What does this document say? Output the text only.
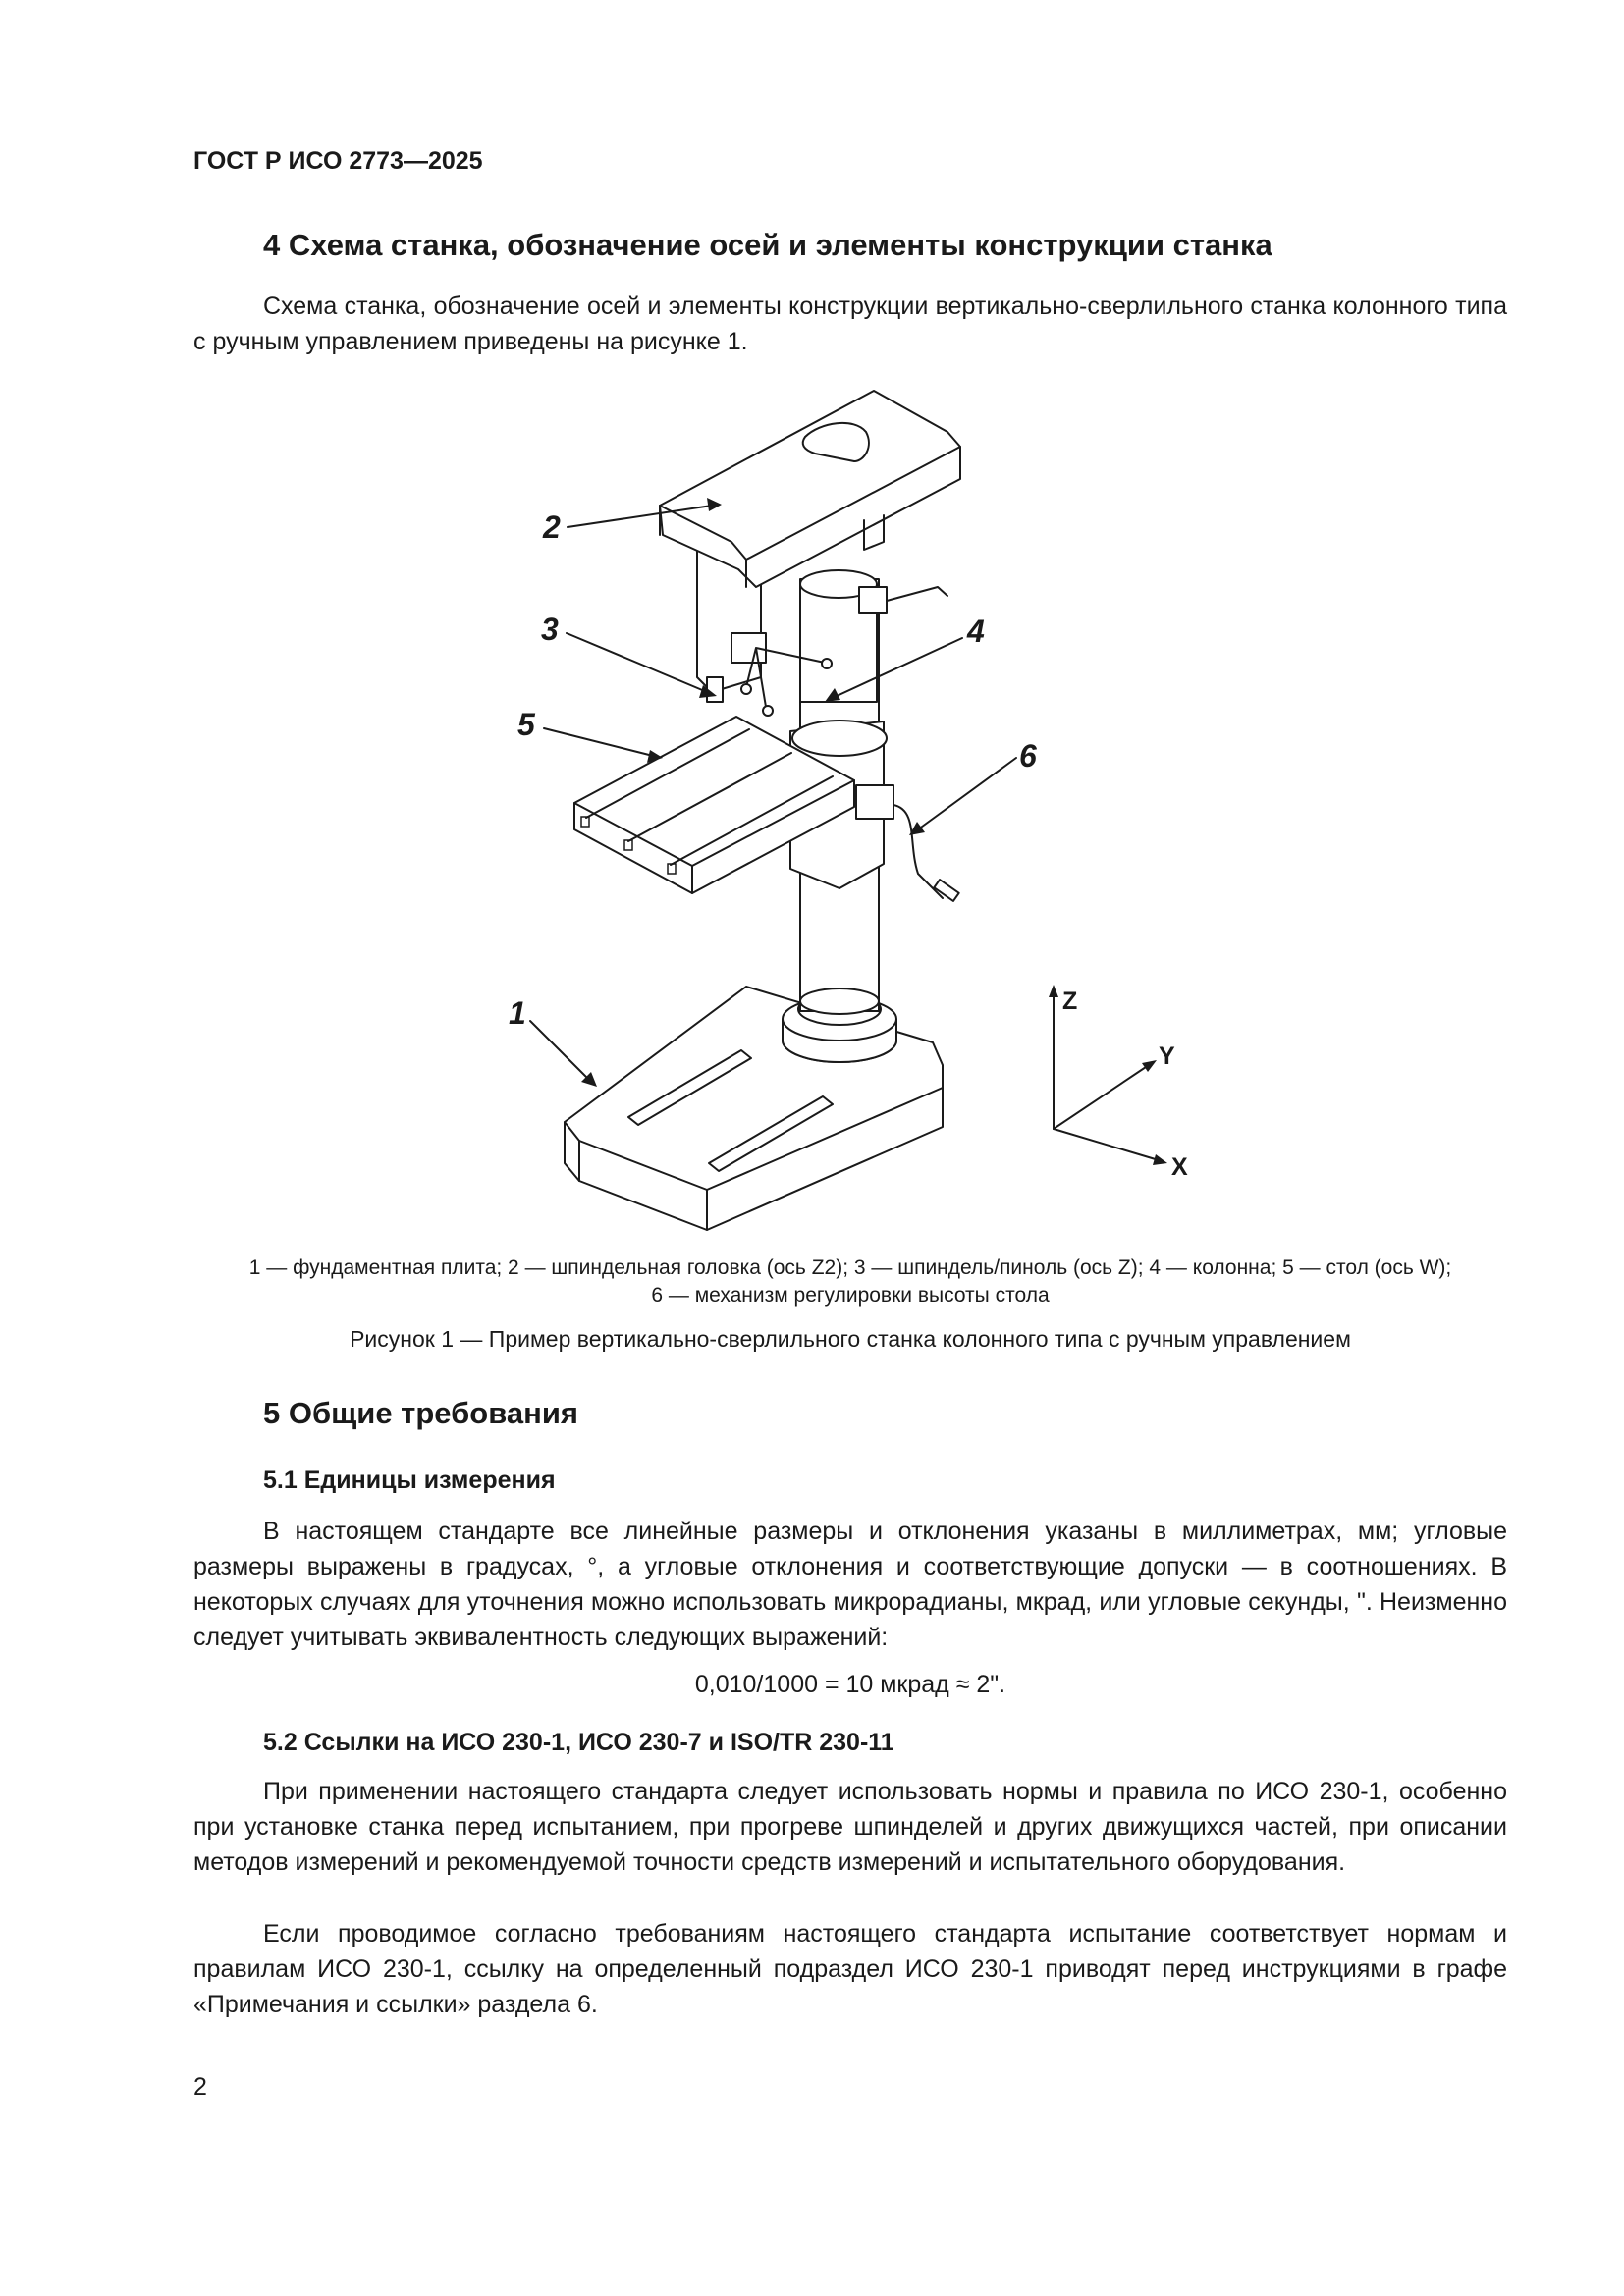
ГОСТ Р ИСО 2773—2025
4 Схема станка, обозначение осей и элементы конструкции станка
Схема станка, обозначение осей и элементы конструкции вертикально-сверлильного станка колонного типа с ручным управлением приведены на рисунке 1.
2
3	4
5
6
1	Z
Y
X
1 — фундаментная плита; 2 — шпиндельная головка (ось Z2); 3 — шпиндель/пиноль (ось Z); 4 — колонна; 5 — стол (ось W);
6 — механизм регулировки высоты стола
Рисунок 1 — Пример вертикально-сверлильного станка колонного типа с ручным управлением
5 Общие требования
5.1 Единицы измерения
В настоящем стандарте все линейные размеры и отклонения указаны в миллиметрах, мм; угловые размеры выражены в градусах, °, а угловые отклонения и соответствующие допуски — в соотношениях. В некоторых случаях для уточнения можно использовать микрорадианы, мкрад, или угловые секунды, ". Неизменно следует учитывать эквивалентность следующих выражений:
0,010/1000 = 10 мкрад ≈ 2".
5.2 Ссылки на ИСО 230-1, ИСО 230-7 и ISO/TR 230-11
При применении настоящего стандарта следует использовать нормы и правила по ИСО 230-1, особенно при установке станка перед испытанием, при прогреве шпинделей и других движущихся частей, при описании методов измерений и рекомендуемой точности средств измерений и испытательного оборудования.
Если проводимое согласно требованиям настоящего стандарта испытание соответствует нормам и правилам ИСО 230-1, ссылку на определенный подраздел ИСО 230-1 приводят перед инструкциями в графе «Примечания и ссылки» раздела 6.
2
